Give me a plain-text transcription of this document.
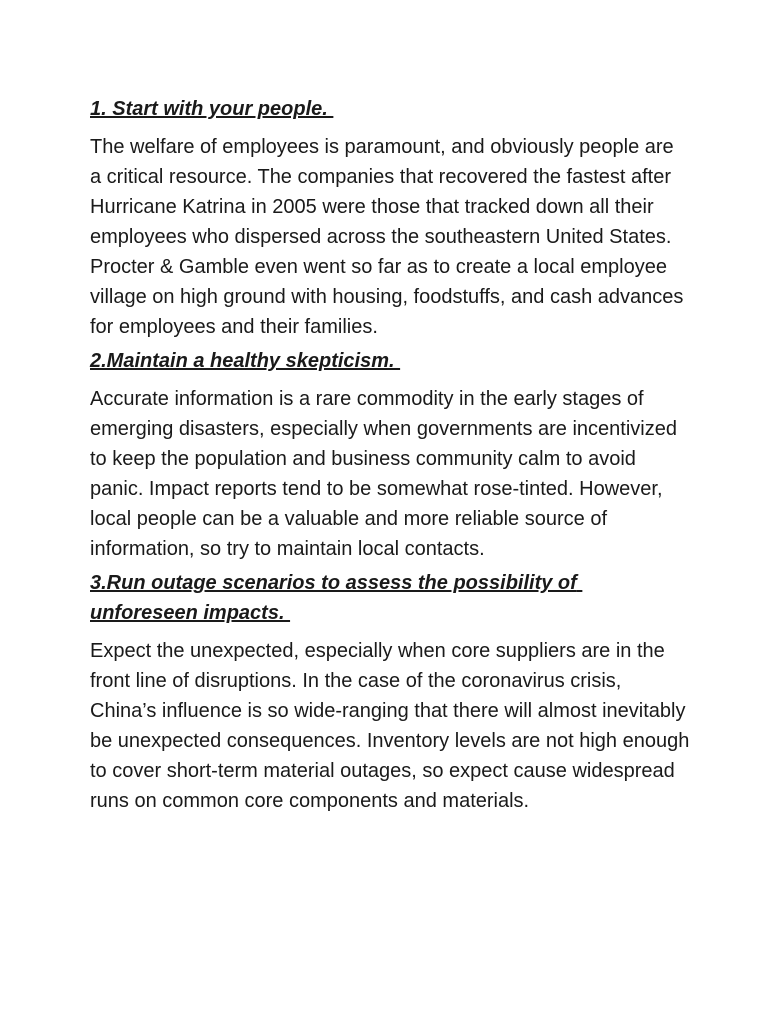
1. Start with your people.

The welfare of employees is paramount, and obviously people are a critical resource. The companies that recovered the fastest after Hurricane Katrina in 2005 were those that tracked down all their employees who dispersed across the southeastern United States. Procter & Gamble even went so far as to create a local employee village on high ground with housing, foodstuffs, and cash advances for employees and their families.

2.Maintain a healthy skepticism.

Accurate information is a rare commodity in the early stages of emerging disasters, especially when governments are incentivized to keep the population and business community calm to avoid panic. Impact reports tend to be somewhat rose-tinted. However, local people can be a valuable and more reliable source of information, so try to maintain local contacts.

3.Run outage scenarios to assess the possibility of unforeseen impacts.

Expect the unexpected, especially when core suppliers are in the front line of disruptions. In the case of the coronavirus crisis, China’s influence is so wide-ranging that there will almost inevitably be unexpected consequences. Inventory levels are not high enough to cover short-term material outages, so expect cause widespread runs on common core components and materials.
